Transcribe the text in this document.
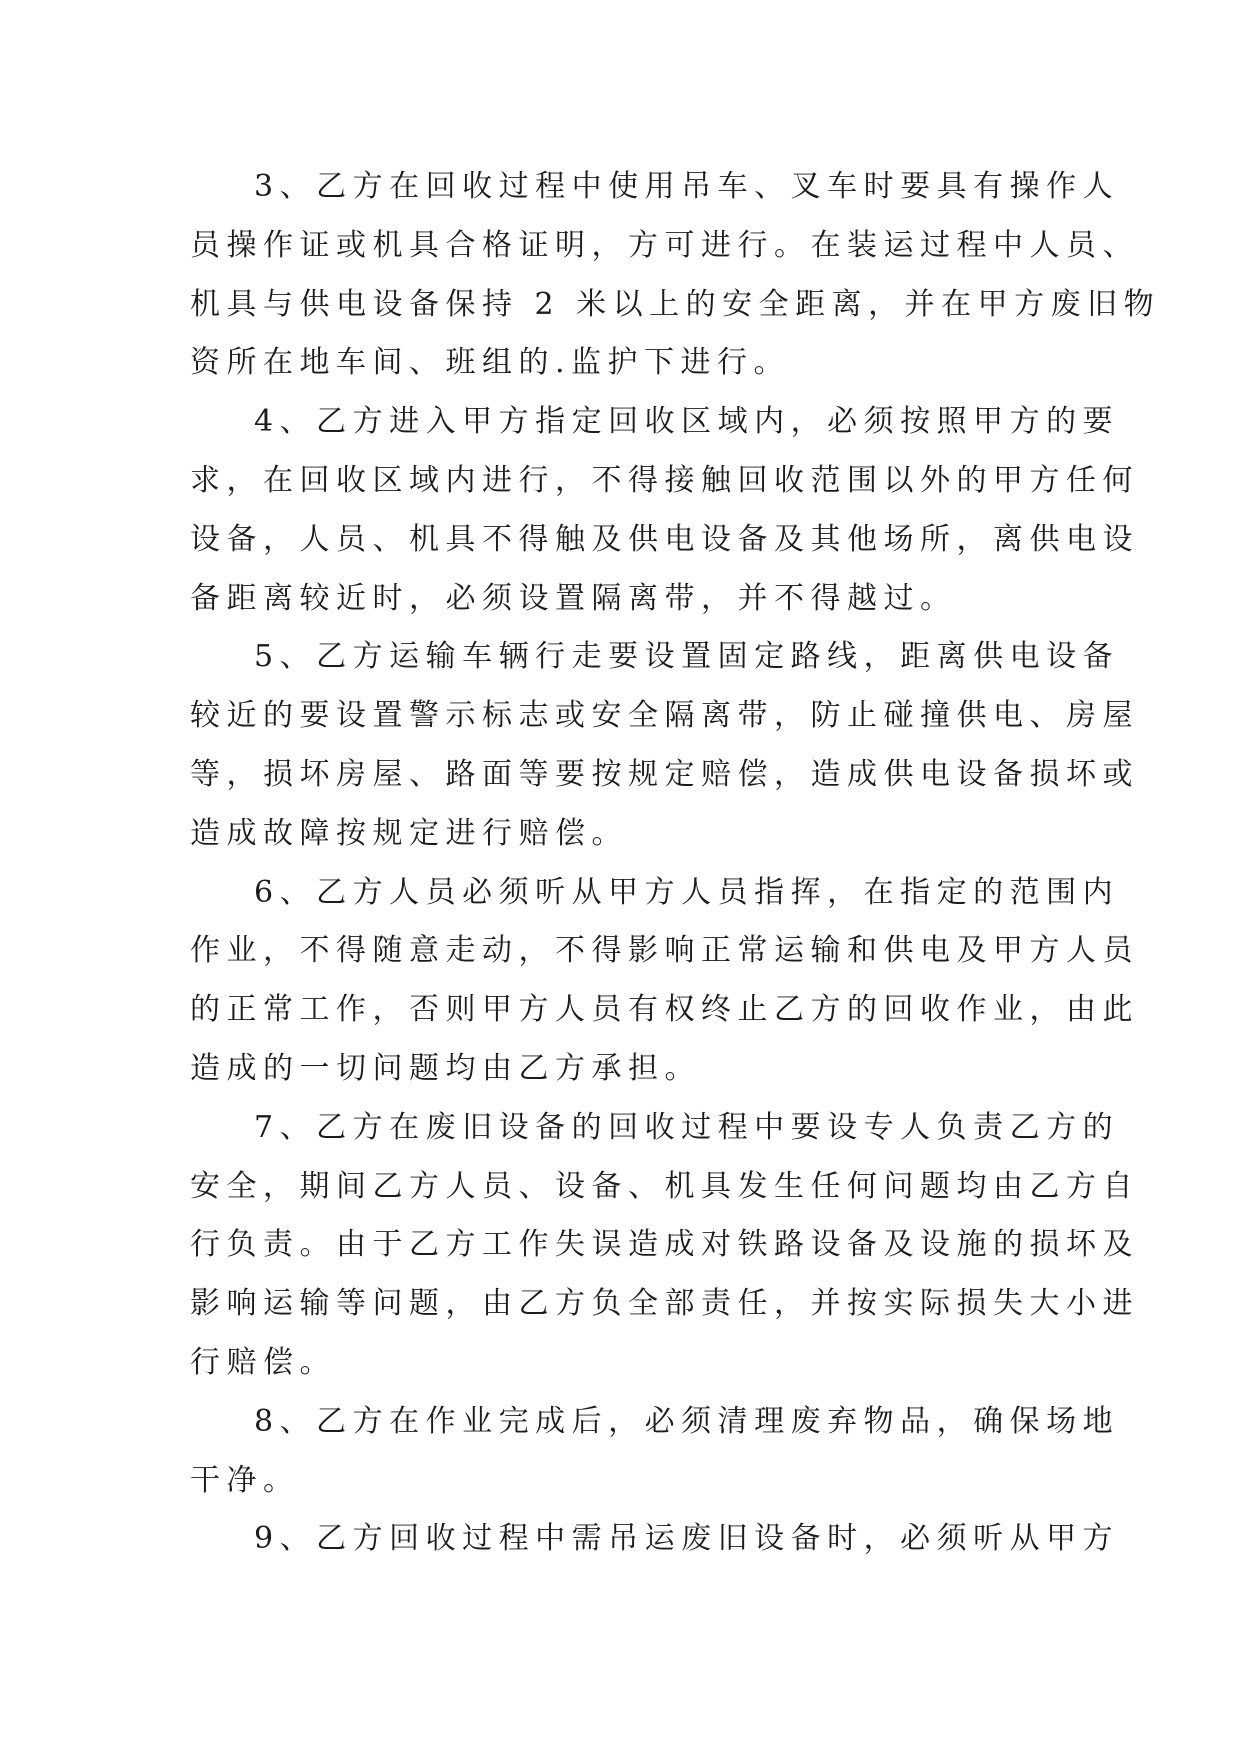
3、乙方在回收过程中使用吊车、叉车时要具有操作人
员操作证或机具合格证明，方可进行。在装运过程中人员、
机具与供电设备保持 2 米以上的安全距离，并在甲方废旧物
资所在地车间、班组的.监护下进行。
4、乙方进入甲方指定回收区域内，必须按照甲方的要
求，在回收区域内进行，不得接触回收范围以外的甲方任何
设备，人员、机具不得触及供电设备及其他场所，离供电设
备距离较近时，必须设置隔离带，并不得越过。
5、乙方运输车辆行走要设置固定路线，距离供电设备
较近的要设置警示标志或安全隔离带，防止碰撞供电、房屋
等，损坏房屋、路面等要按规定赔偿，造成供电设备损坏或
造成故障按规定进行赔偿。
6、乙方人员必须听从甲方人员指挥，在指定的范围内
作业，不得随意走动，不得影响正常运输和供电及甲方人员
的正常工作，否则甲方人员有权终止乙方的回收作业，由此
造成的一切问题均由乙方承担。
7、乙方在废旧设备的回收过程中要设专人负责乙方的
安全，期间乙方人员、设备、机具发生任何问题均由乙方自
行负责。由于乙方工作失误造成对铁路设备及设施的损坏及
影响运输等问题，由乙方负全部责任，并按实际损失大小进
行赔偿。
8、乙方在作业完成后，必须清理废弃物品，确保场地
干净。
9、乙方回收过程中需吊运废旧设备时，必须听从甲方
